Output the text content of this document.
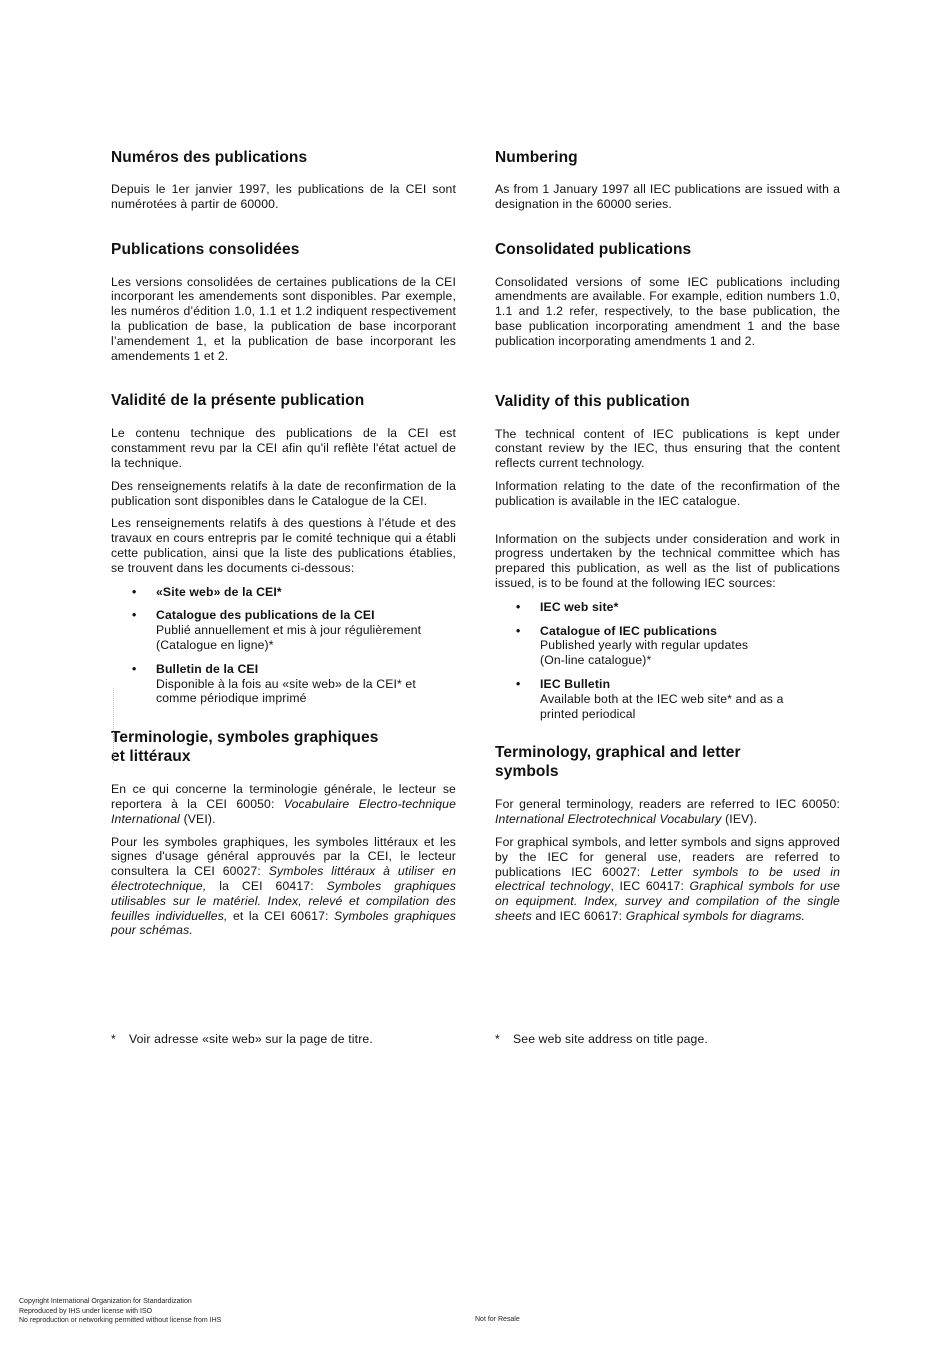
Numéros des publications

Depuis le 1er janvier 1997, les publications de la CEI sont numérotées à partir de 60000.

Publications consolidées

Les versions consolidées de certaines publications de la CEI incorporant les amendements sont disponibles. Par exemple, les numéros d’édition 1.0, 1.1 et 1.2 indiquent respectivement la publication de base, la publication de base incorporant l’amendement 1, et la publication de base incorporant les amendements 1 et 2.

Validité de la présente publication

Le contenu technique des publications de la CEI est constamment revu par la CEI afin qu'il reflète l'état actuel de la technique.

Des renseignements relatifs à la date de reconfirmation de la publication sont disponibles dans le Catalogue de la CEI.

Les renseignements relatifs à des questions à l’étude et des travaux en cours entrepris par le comité technique qui a établi cette publication, ainsi que la liste des publications établies, se trouvent dans les documents ci-dessous:

• «Site web» de la CEI*
• Catalogue des publications de la CEI
Publié annuellement et mis à jour régulièrement
(Catalogue en ligne)*
• Bulletin de la CEI
Disponible à la fois au «site web» de la CEI* et
comme périodique imprimé
Terminologie, symboles graphiques
et littéraux

En ce qui concerne la terminologie générale, le lecteur se reportera à la CEI 60050: Vocabulaire Electro-technique International (VEI).

Pour les symboles graphiques, les symboles littéraux et les signes d'usage général approuvés par la CEI, le lecteur consultera la CEI 60027: Symboles littéraux à utiliser en électrotechnique, la CEI 60417: Symboles graphiques utilisables sur le matériel. Index, relevé et compilation des feuilles individuelles, et la CEI 60617: Symboles graphiques pour schémas.

Numbering

As from 1 January 1997 all IEC publications are issued with a designation in the 60000 series.

Consolidated publications

Consolidated versions of some IEC publications including amendments are available. For example, edition numbers 1.0, 1.1 and 1.2 refer, respectively, to the base publication, the base publication incorporating amendment 1 and the base publication incorporating amendments 1 and 2.

Validity of this publication

The technical content of IEC publications is kept under constant review by the IEC, thus ensuring that the content reflects current technology.

Information relating to the date of the reconfirmation of the publication is available in the IEC catalogue.

Information on the subjects under consideration and work in progress undertaken by the technical committee which has prepared this publication, as well as the list of publications issued, is to be found at the following IEC sources:

• IEC web site*
• Catalogue of IEC publications
Published yearly with regular updates
(On-line catalogue)*
• IEC Bulletin
Available both at the IEC web site* and as a
printed periodical
Terminology, graphical and letter
symbols

For general terminology, readers are referred to IEC 60050: International Electrotechnical Vocabulary (IEV).

For graphical symbols, and letter symbols and signs approved by the IEC for general use, readers are referred to publications IEC 60027: Letter symbols to be used in electrical technology, IEC 60417: Graphical symbols for use on equipment. Index, survey and compilation of the single sheets and IEC 60617: Graphical symbols for diagrams.

* Voir adresse «site web» sur la page de titre.	* See web site address on title page.
Copyright International Organization for Standardization
Reproduced by IHS under license with ISO
No reproduction or networking permitted without license from IHS	Not for Resale
